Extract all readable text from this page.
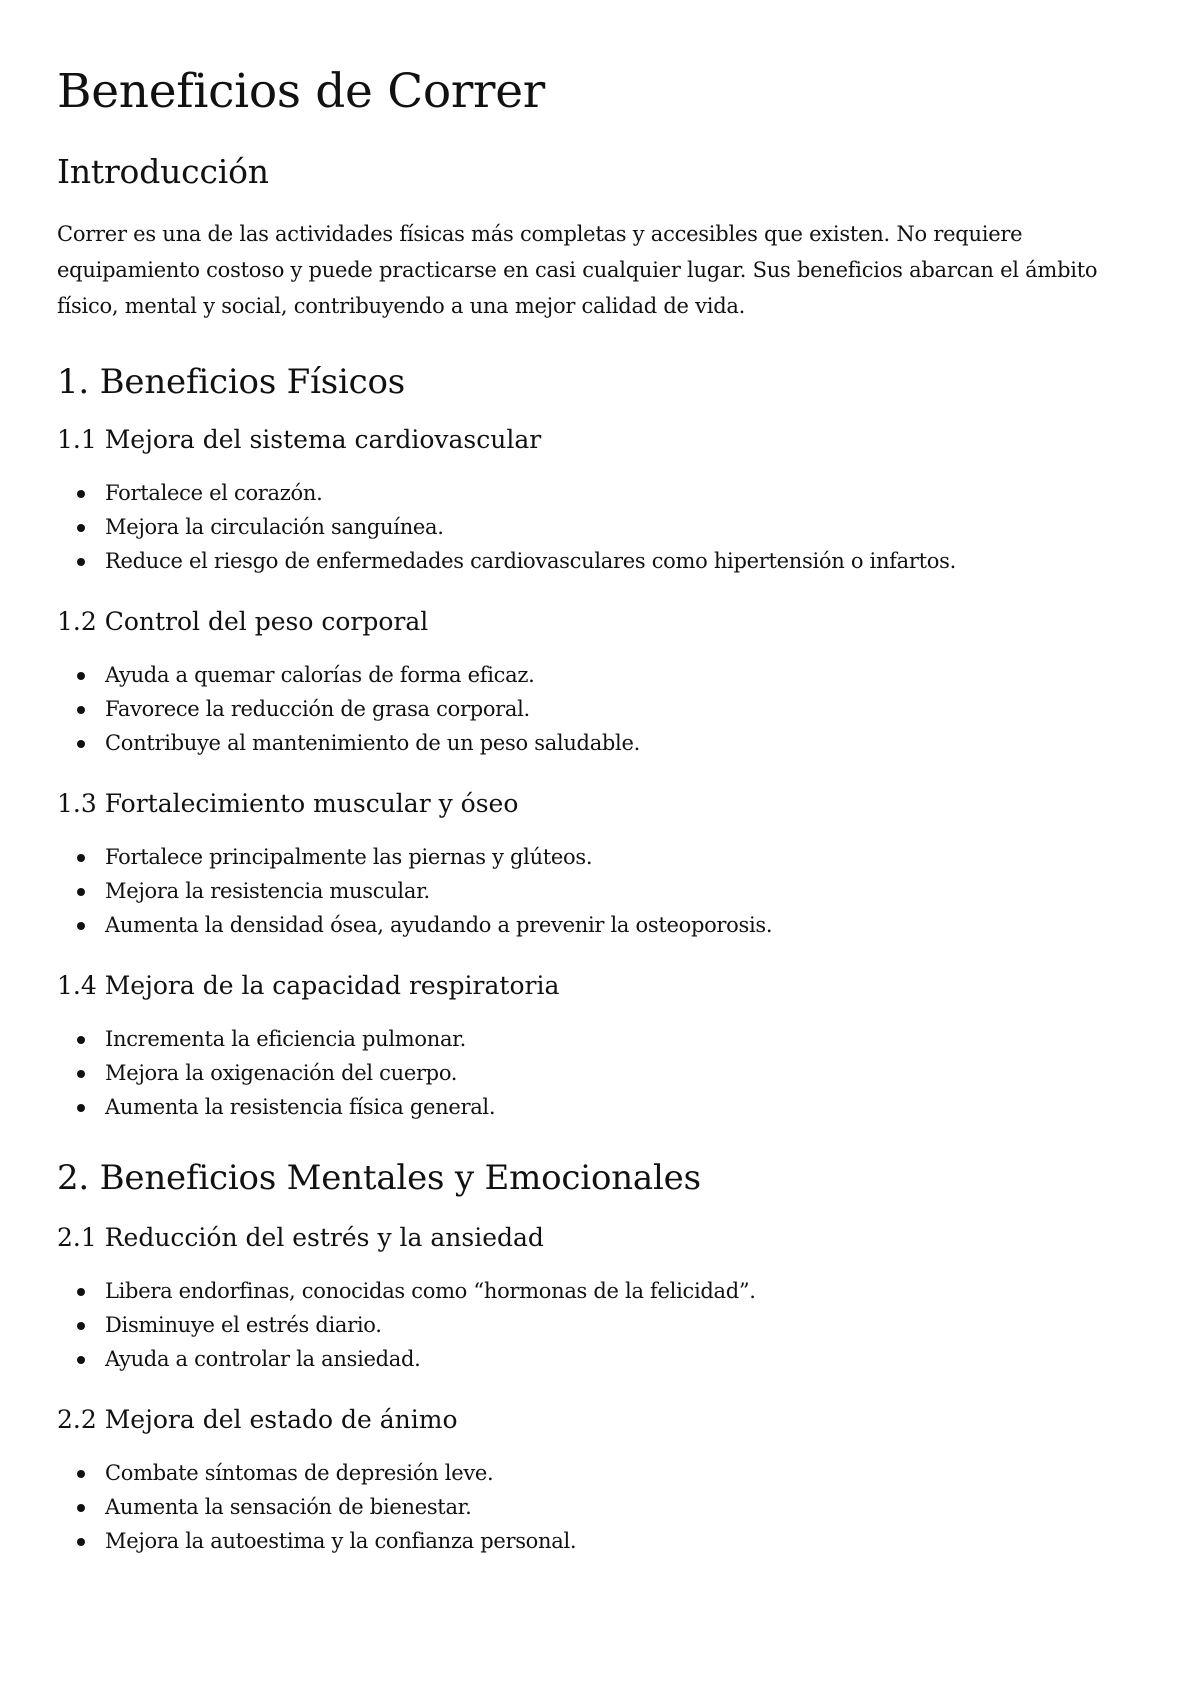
Beneficios de Correr
Introducción

Correr es una de las actividades físicas más completas y accesibles que existen. No requiere equipamiento costoso y puede practicarse en casi cualquier lugar. Sus beneficios abarcan el ámbito físico, mental y social, contribuyendo a una mejor calidad de vida.

1. Beneficios Físicos
1.1 Mejora del sistema cardiovascular
Fortalece el corazón.
Mejora la circulación sanguínea.
Reduce el riesgo de enfermedades cardiovasculares como hipertensión o infartos.
1.2 Control del peso corporal
Ayuda a quemar calorías de forma eficaz.
Favorece la reducción de grasa corporal.
Contribuye al mantenimiento de un peso saludable.
1.3 Fortalecimiento muscular y óseo
Fortalece principalmente las piernas y glúteos.
Mejora la resistencia muscular.
Aumenta la densidad ósea, ayudando a prevenir la osteoporosis.
1.4 Mejora de la capacidad respiratoria
Incrementa la eficiencia pulmonar.
Mejora la oxigenación del cuerpo.
Aumenta la resistencia física general.
2. Beneficios Mentales y Emocionales
2.1 Reducción del estrés y la ansiedad
Libera endorfinas, conocidas como “hormonas de la felicidad”.
Disminuye el estrés diario.
Ayuda a controlar la ansiedad.
2.2 Mejora del estado de ánimo
Combate síntomas de depresión leve.
Aumenta la sensación de bienestar.
Mejora la autoestima y la confianza personal.
